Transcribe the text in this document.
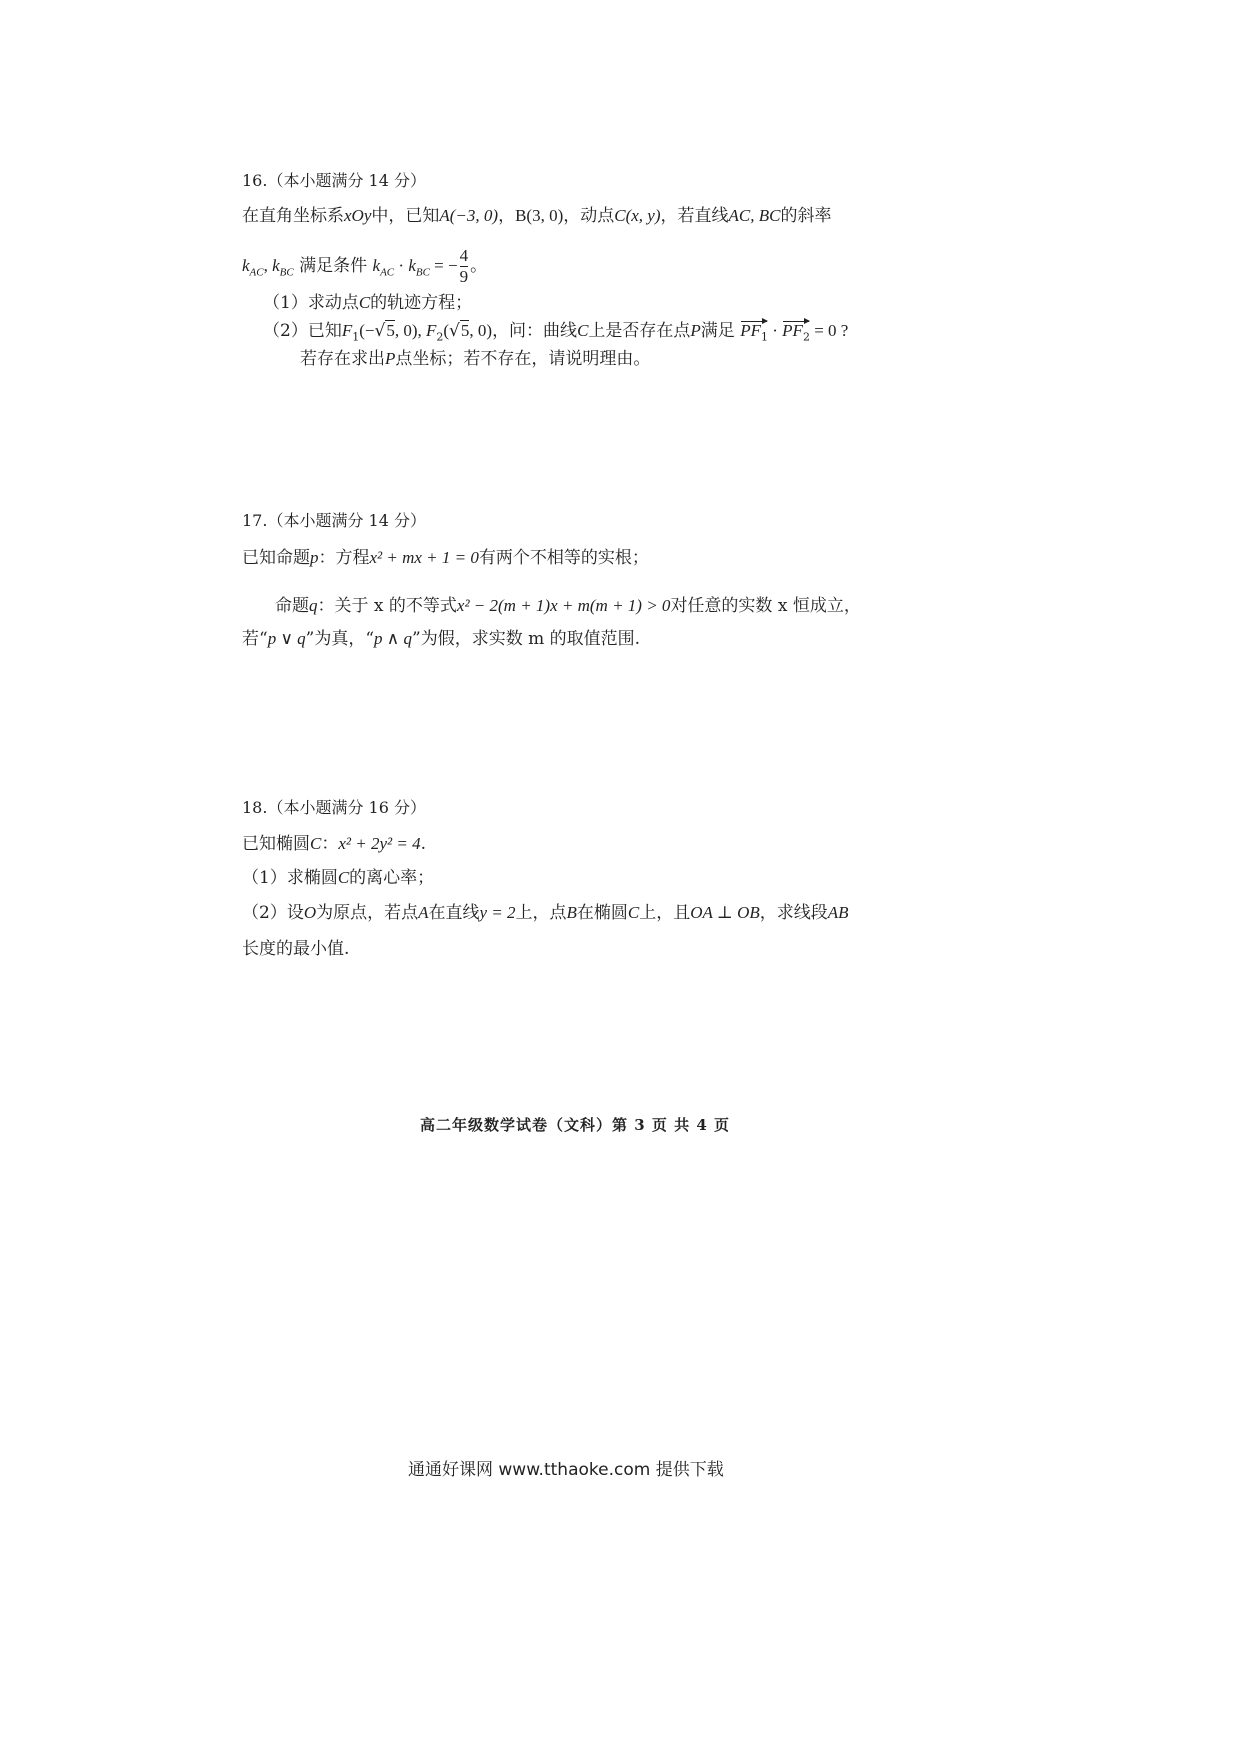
16.（本小题满分 14 分）
在直角坐标系xOy中，已知A(−3, 0)，B(3, 0)，动点C(x, y)，若直线AC, BC的斜率
$k_{AC}$, $k_{BC}$ 满足条件 $k_{AC} \cdot k_{BC}$ = − $\frac{4}{9}$ 。
（1）求动点C的轨迹方程；
（2）已知$F_1(-√5$, 0), $F_2(√5$, 0)，问：曲线C上是否存在点P满足 $PF_1 \cdot PF_2 = 0$ ?
若存在求出P点坐标；若不存在，请说明理由。
17.（本小题满分 14 分）
已知命题p：方程x² + mx + 1 = 0有两个不相等的实根；
命题q：关于 x 的不等式x² − 2(m + 1)x + m(m + 1) > 0对任意的实数 x 恒成立，
若“p ∨ q”为真，“p ∧ q”为假，求实数 m 的取值范围.
18.（本小题满分 16 分）
已知椭圆C：x² + 2y² = 4.
（1）求椭圆C的离心率；
（2）设O为原点，若点A在直线y = 2上，点B在椭圆C上，且OA ⊥ OB，求线段AB
长度的最小值.
高二年级数学试卷（文科）第 3 页 共 4 页
通通好课网 www.tthaoke.com 提供下载
